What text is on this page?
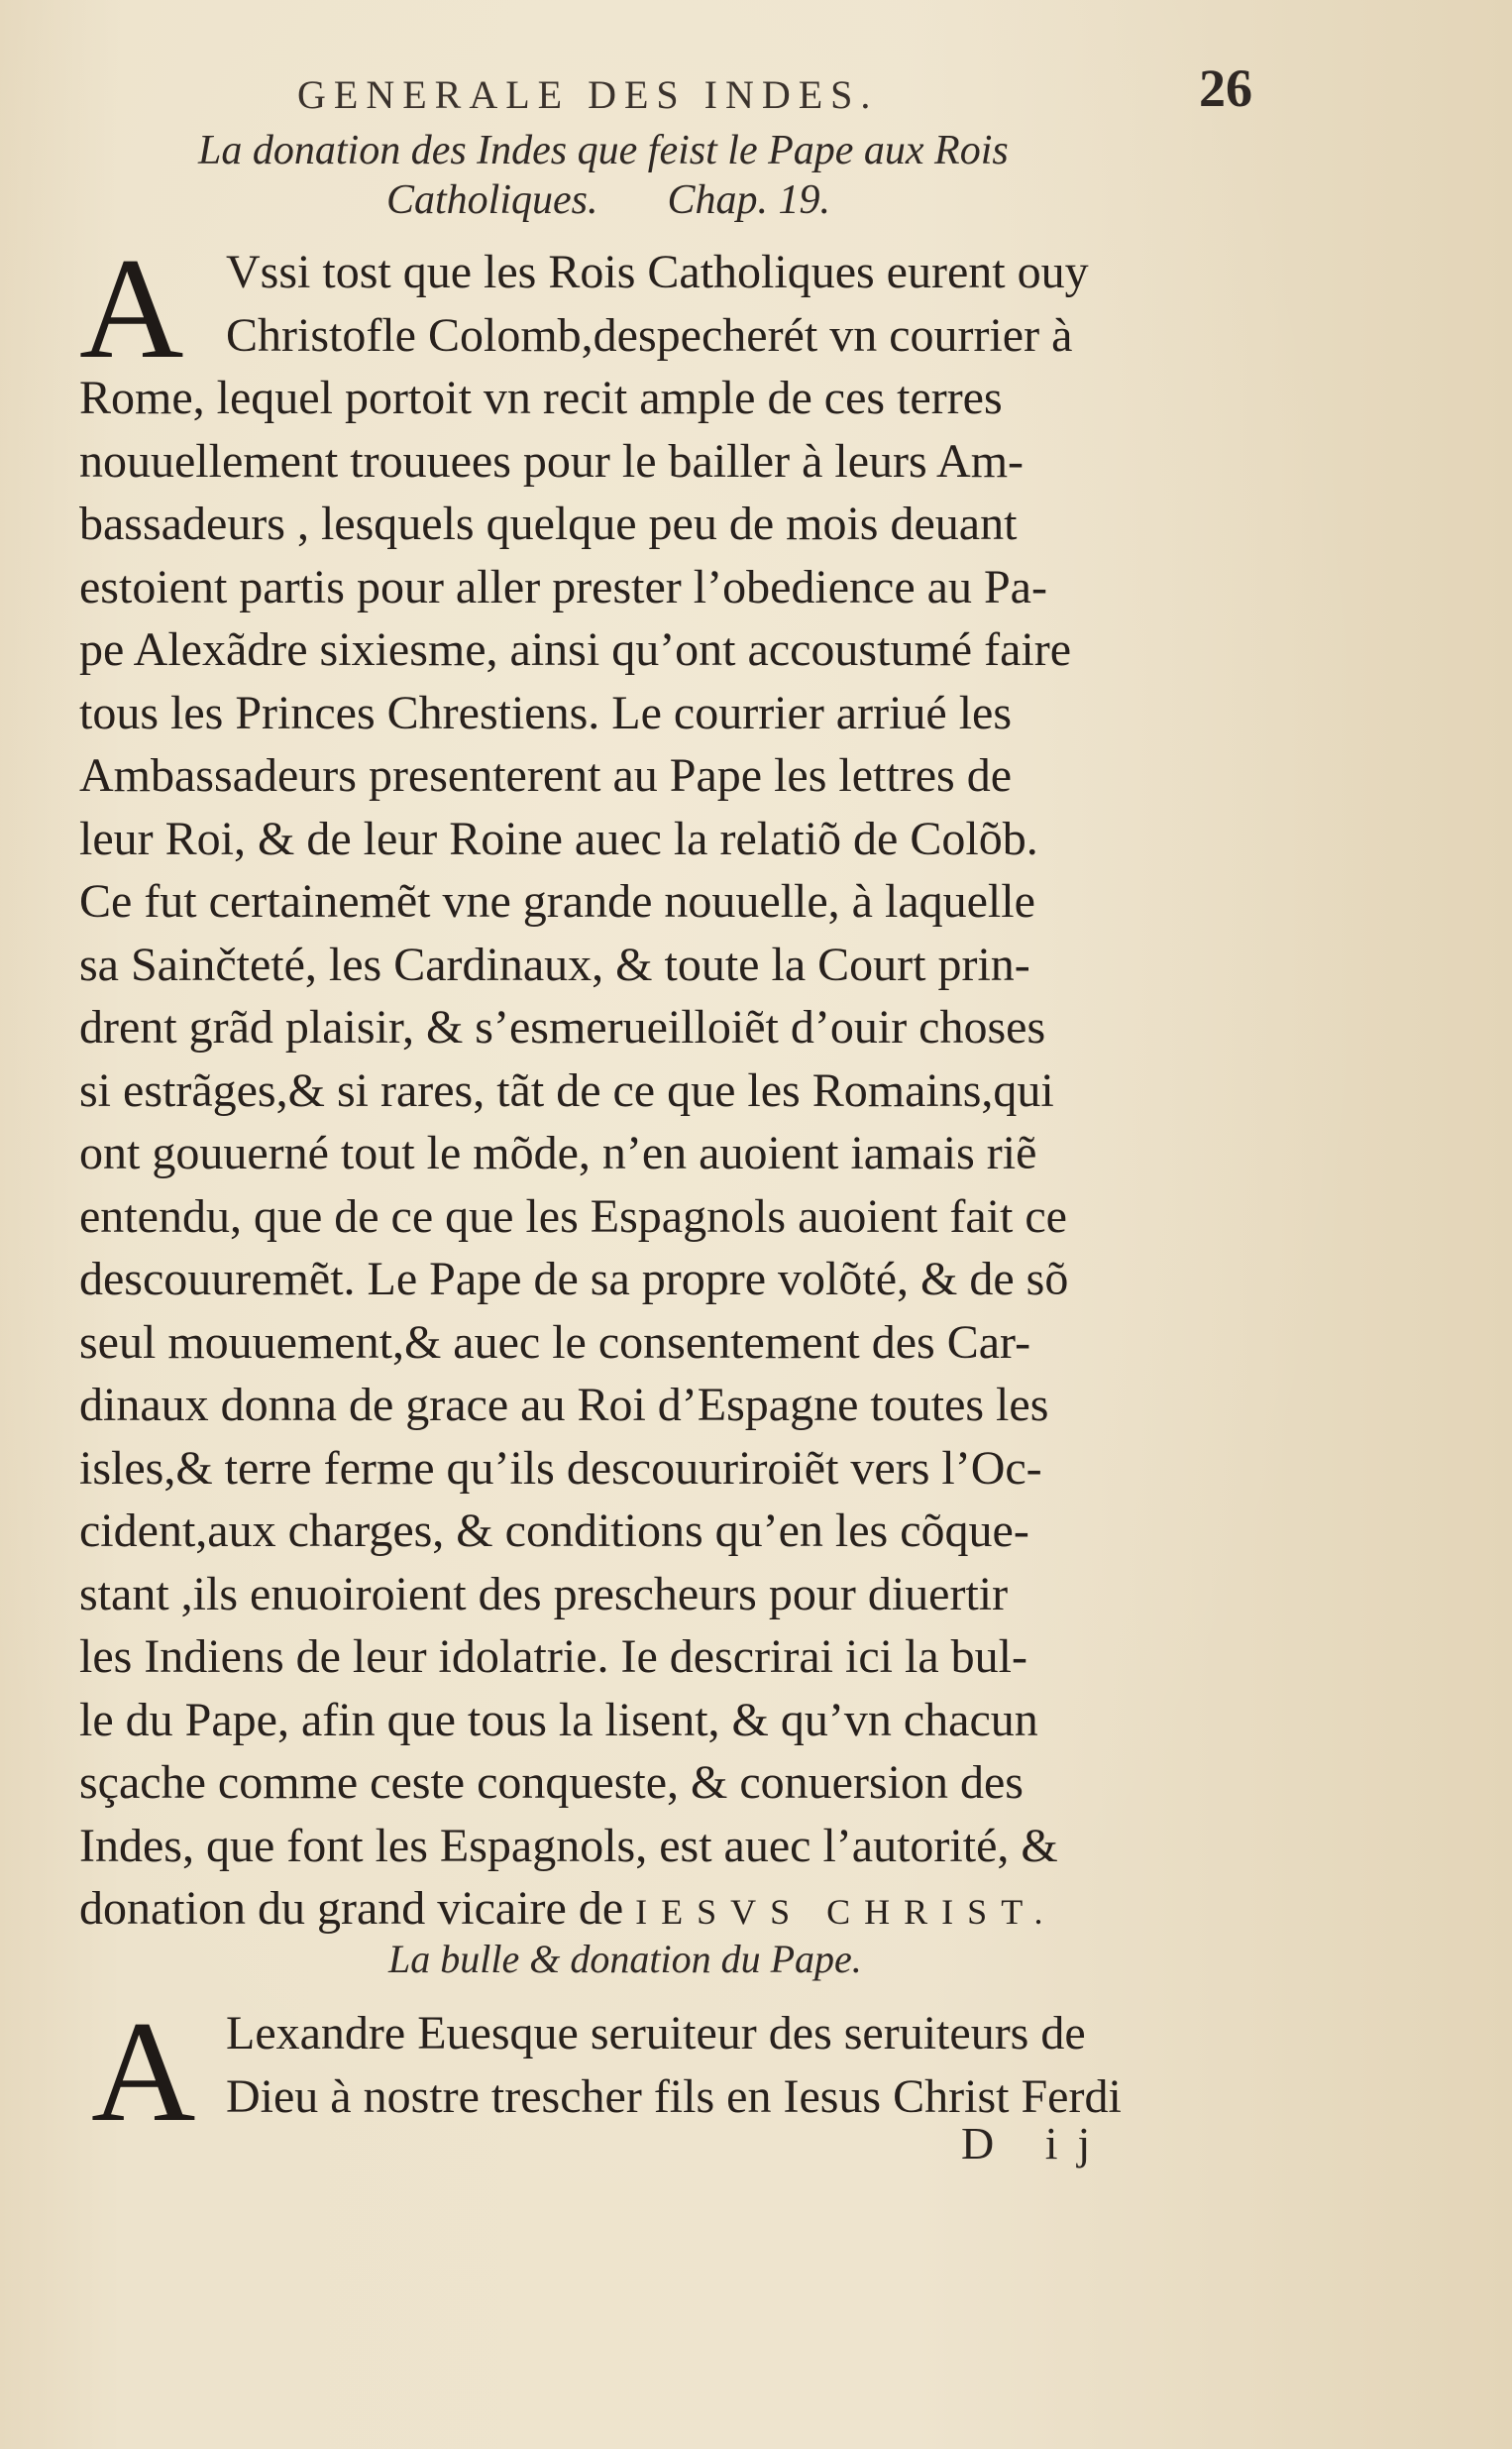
GENERALE DES INDES.	26
La donation des Indes que feist le Pape aux Rois
Catholiques. Chap. 19.
A Vssi tost que les Rois Catholiques eurent ouy
Christofle Colomb,despecherét vn courrier à
Rome, lequel portoit vn recit ample de ces terres
nouuellement trouuees pour le bailler à leurs Am-
bassadeurs , lesquels quelque peu de mois deuant
estoient partis pour aller prester l’obedience au Pa-
pe Alexãdre sixiesme, ainsi qu’ont accoustumé faire
tous les Princes Chrestiens. Le courrier arriué les
Ambassadeurs presenterent au Pape les lettres de
leur Roi, & de leur Roine auec la relatiõ de Colõb.
Ce fut certainemẽt vne grande nouuelle, à laquelle
sa Sainčteté, les Cardinaux, & toute la Court prin-
drent grãd plaisir, & s’esmerueilloiẽt d’ouir choses
si estrãges,& si rares, tãt de ce que les Romains,qui
ont gouuerné tout le mõde, n’en auoient iamais riẽ
entendu, que de ce que les Espagnols auoient fait ce
descouuremẽt. Le Pape de sa propre volõté, & de sõ
seul mouuement,& auec le consentement des Car-
dinaux donna de grace au Roi d’Espagne toutes les
isles,& terre ferme qu’ils descouuriroiẽt vers l’Oc-
cident,aux charges, & conditions qu’en les cõque-
stant ,ils enuoiroient des prescheurs pour diuertir
les Indiens de leur idolatrie. Ie descrirai ici la bul-
le du Pape, afin que tous la lisent, & qu’vn chacun
sçache comme ceste conqueste, & conuersion des
Indes, que font les Espagnols, est auec l’autorité, &
donation du grand vicaire de IESVS CHRIST.
La bulle & donation du Pape.
A Lexandre Euesque seruiteur des seruiteurs de
Dieu à nostre trescher fils en Iesus Christ Ferdi
D ij
